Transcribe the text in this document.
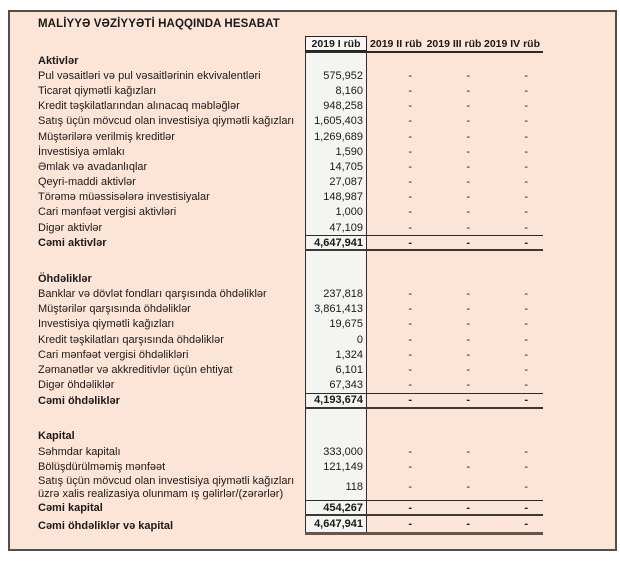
MALİYYƏ VƏZİYYƏTİ HAQQINDA HESABAT
2019 I rüb 2019 II rüb 2019 III rüb 2019 IV rüb
Aktivlər
Pul vəsaitləri və pul vəsaitlərinin ekvivalentləri	575,952	-	-	-
Ticarət qiymətli kağızları	8,160	-	-	-
Kredit təşkilatlarından alınacaq məbləğlər	948,258	-	-	-
Satış üçün mövcud olan investisiya qiymətli kağızları	1,605,403	-	-	-
Müştərilərə verilmiş kreditlər	1,269,689	-	-	-
İnvestisiya əmlakı	1,590	-	-	-
Əmlak və avadanlıqlar	14,705	-	-	-
Qeyri-maddi aktivlər	27,087	-	-	-
Törəmə müəssisələrə investisiyalar	148,987	-	-	-
Cari mənfəət vergisi aktivləri	1,000	-	-	-
Digər aktivlər	47,109	-	-	-
Cəmi aktivlər	4,647,941	-	-	-
Öhdəliklər
Banklar və dövlət fondları qarşısında öhdəliklər	237,818	-	-	-
Müştərilər qarşısında öhdəliklər	3,861,413	-	-	-
Investisiya qiymətli kağızları	19,675	-	-	-
Kredit təşkilatları qarşısında öhdəliklər	0	-	-	-
Cari mənfəət vergisi öhdəlikləri	1,324	-	-	-
Zəmanətlər və akkreditivlər üçün ehtiyat	6,101	-	-	-
Digər öhdəliklər	67,343	-	-	-
Cəmi öhdəliklər	4,193,674	-	-	-
Kapital
Səhmdar kapitalı	333,000	-	-	-
Bölüşdürülməmiş mənfəət	121,149	-	-	-
Satış üçün mövcud olan investisiya qiymətli kağızları üzrə xalis realizasiya olunmam ış gəlirlər/(zərərlər)
118	-	-	-
Cəmi kapital	454,267	-	-	-
Cəmi öhdəliklər və kapital	4,647,941	-	-	-
